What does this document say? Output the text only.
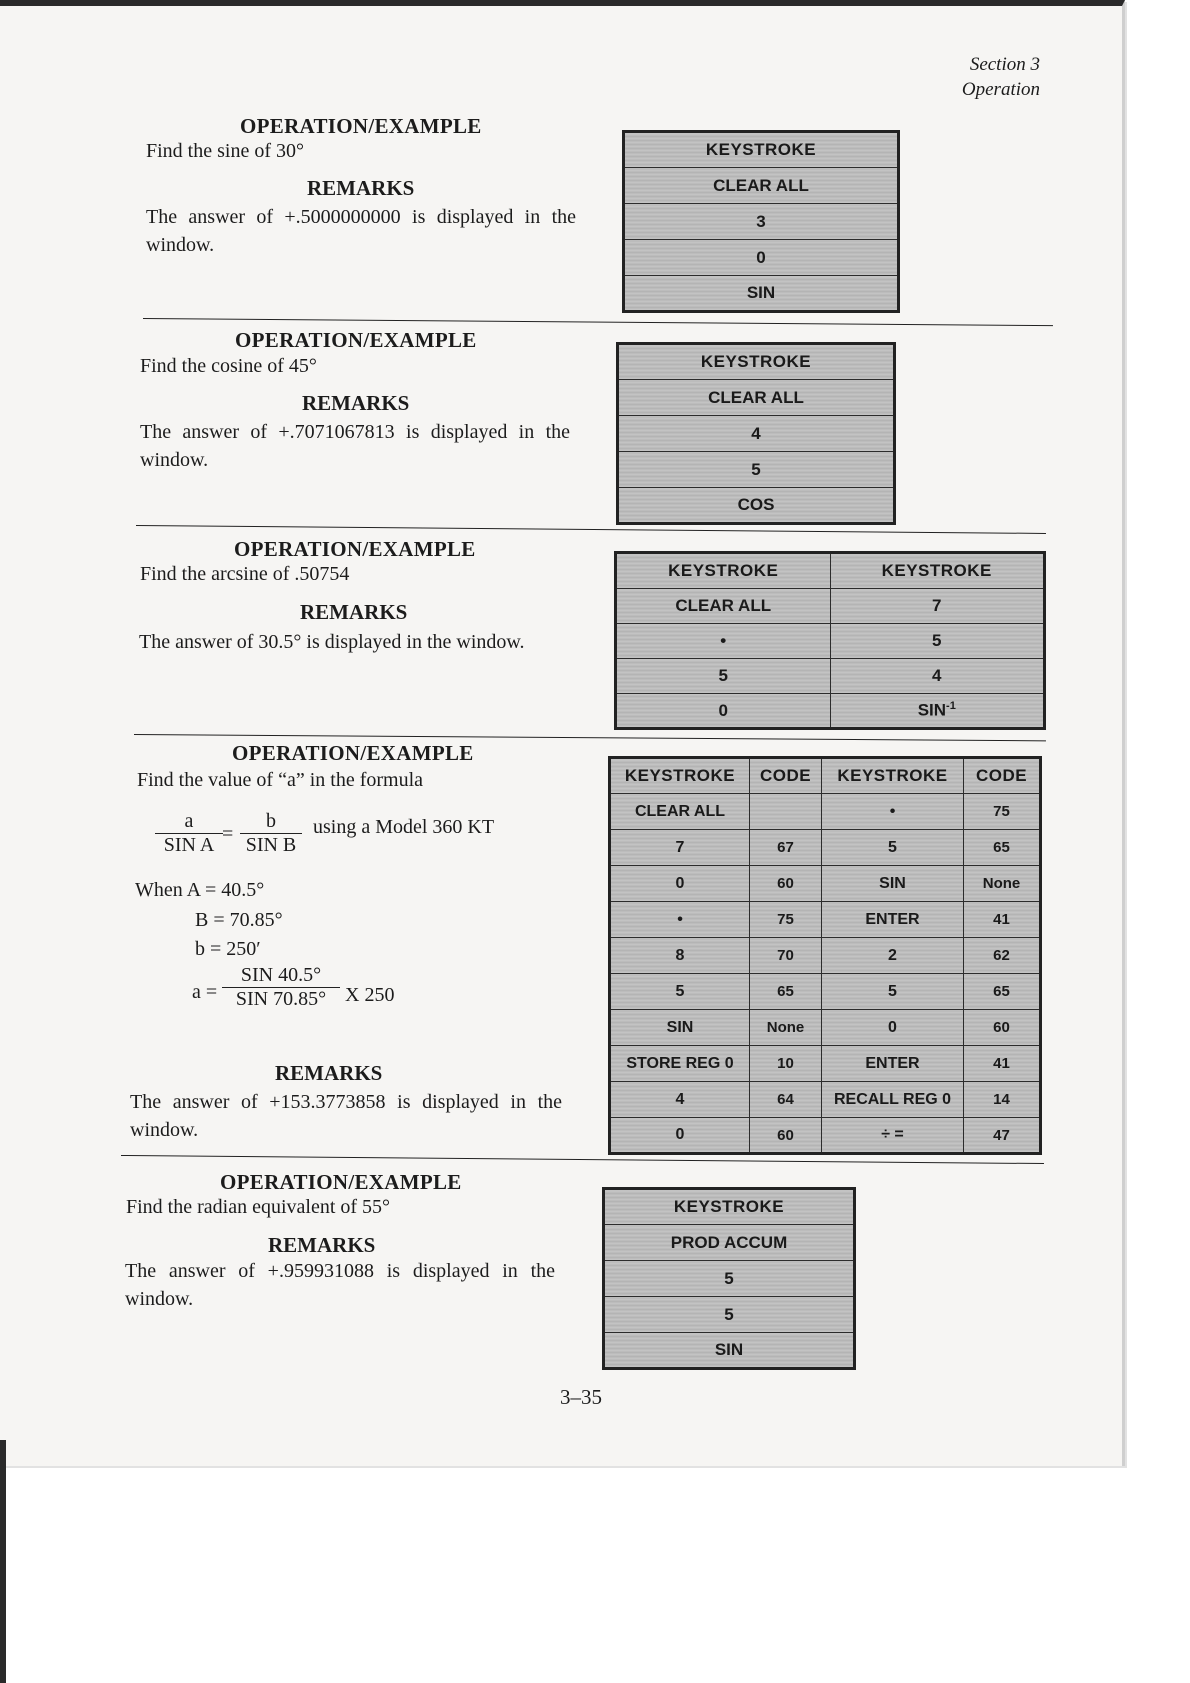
Section 3
Operation
OPERATION/EXAMPLE
Find the sine of 30°
REMARKS
The answer of +.5000000000 is displayed in the window.
KEYSTROKE
CLEAR ALL
3
0
SIN
OPERATION/EXAMPLE
Find the cosine of 45°
REMARKS
The answer of +.7071067813 is displayed in the window.
KEYSTROKE
CLEAR ALL
4
5
COS
OPERATION/EXAMPLE
Find the arcsine of .50754
REMARKS
The answer of 30.5° is displayed in the window.
KEYSTROKE	KEYSTROKE
CLEAR ALL	7
•	5
5	4
0	$SIN^{-1}$
OPERATION/EXAMPLE
Find the value of “a” in the formula
a
SIN A =
b
SIN B
using a Model 360 KT
When A = 40.5°
B = 70.85°
b = 250′
a =
SIN 40.5°
SIN 70.85° X 250
REMARKS
The answer of +153.3773858 is displayed in the window.
KEYSTROKE	CODE	KEYSTROKE	CODE
CLEAR ALL		•	75
7	67	5	65
0	60	SIN	None
•	75	ENTER	41
8	70	2	62
5	65	5	65
SIN	None	0	60
STORE REG 0	10	ENTER	41
4	64	RECALL REG 0	14
0	60	÷ =	47
OPERATION/EXAMPLE
Find the radian equivalent of 55°
REMARKS
The answer of +.959931088 is displayed in the window.
KEYSTROKE
PROD ACCUM
5
5
SIN
3–35
